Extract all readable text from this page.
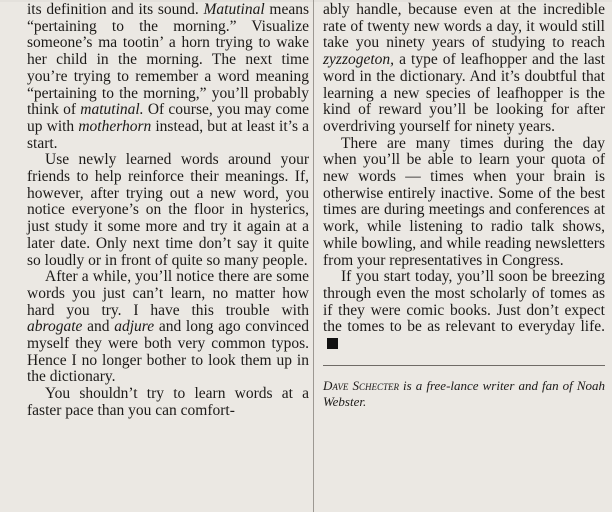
its definition and its sound. Matutinal means “pertaining to the morning.” Visualize someone’s ma tootin’ a horn trying to wake her child in the morning. The next time you’re trying to remember a word meaning “pertaining to the morning,” you’ll probably think of matutinal. Of course, you may come up with motherhorn instead, but at least it’s a start.

Use newly learned words around your friends to help reinforce their meanings. If, however, after trying out a new word, you notice everyone’s on the floor in hysterics, just study it some more and try it again at a later date. Only next time don’t say it quite so loudly or in front of quite so many people.

After a while, you’ll notice there are some words you just can’t learn, no matter how hard you try. I have this trouble with abrogate and adjure and long ago convinced myself they were both very common typos. Hence I no longer bother to look them up in the dictionary.

You shouldn’t try to learn words at a faster pace than you can comfort-

ably handle, because even at the incredible rate of twenty new words a day, it would still take you ninety years of studying to reach zyzzogeton, a type of leafhopper and the last word in the dictionary. And it’s doubtful that learning a new species of leafhopper is the kind of reward you’ll be looking for after overdriving yourself for ninety years.

There are many times during the day when you’ll be able to learn your quota of new words — times when your brain is otherwise entirely inactive. Some of the best times are during meetings and conferences at work, while listening to radio talk shows, while bowling, and while reading newsletters from your representatives in Congress.

If you start today, you’ll soon be breezing through even the most scholarly of tomes as if they were comic books. Just don’t expect the tomes to be as relevant to everyday life.

Dave Schecter is a free-lance writer and fan of Noah Webster.
